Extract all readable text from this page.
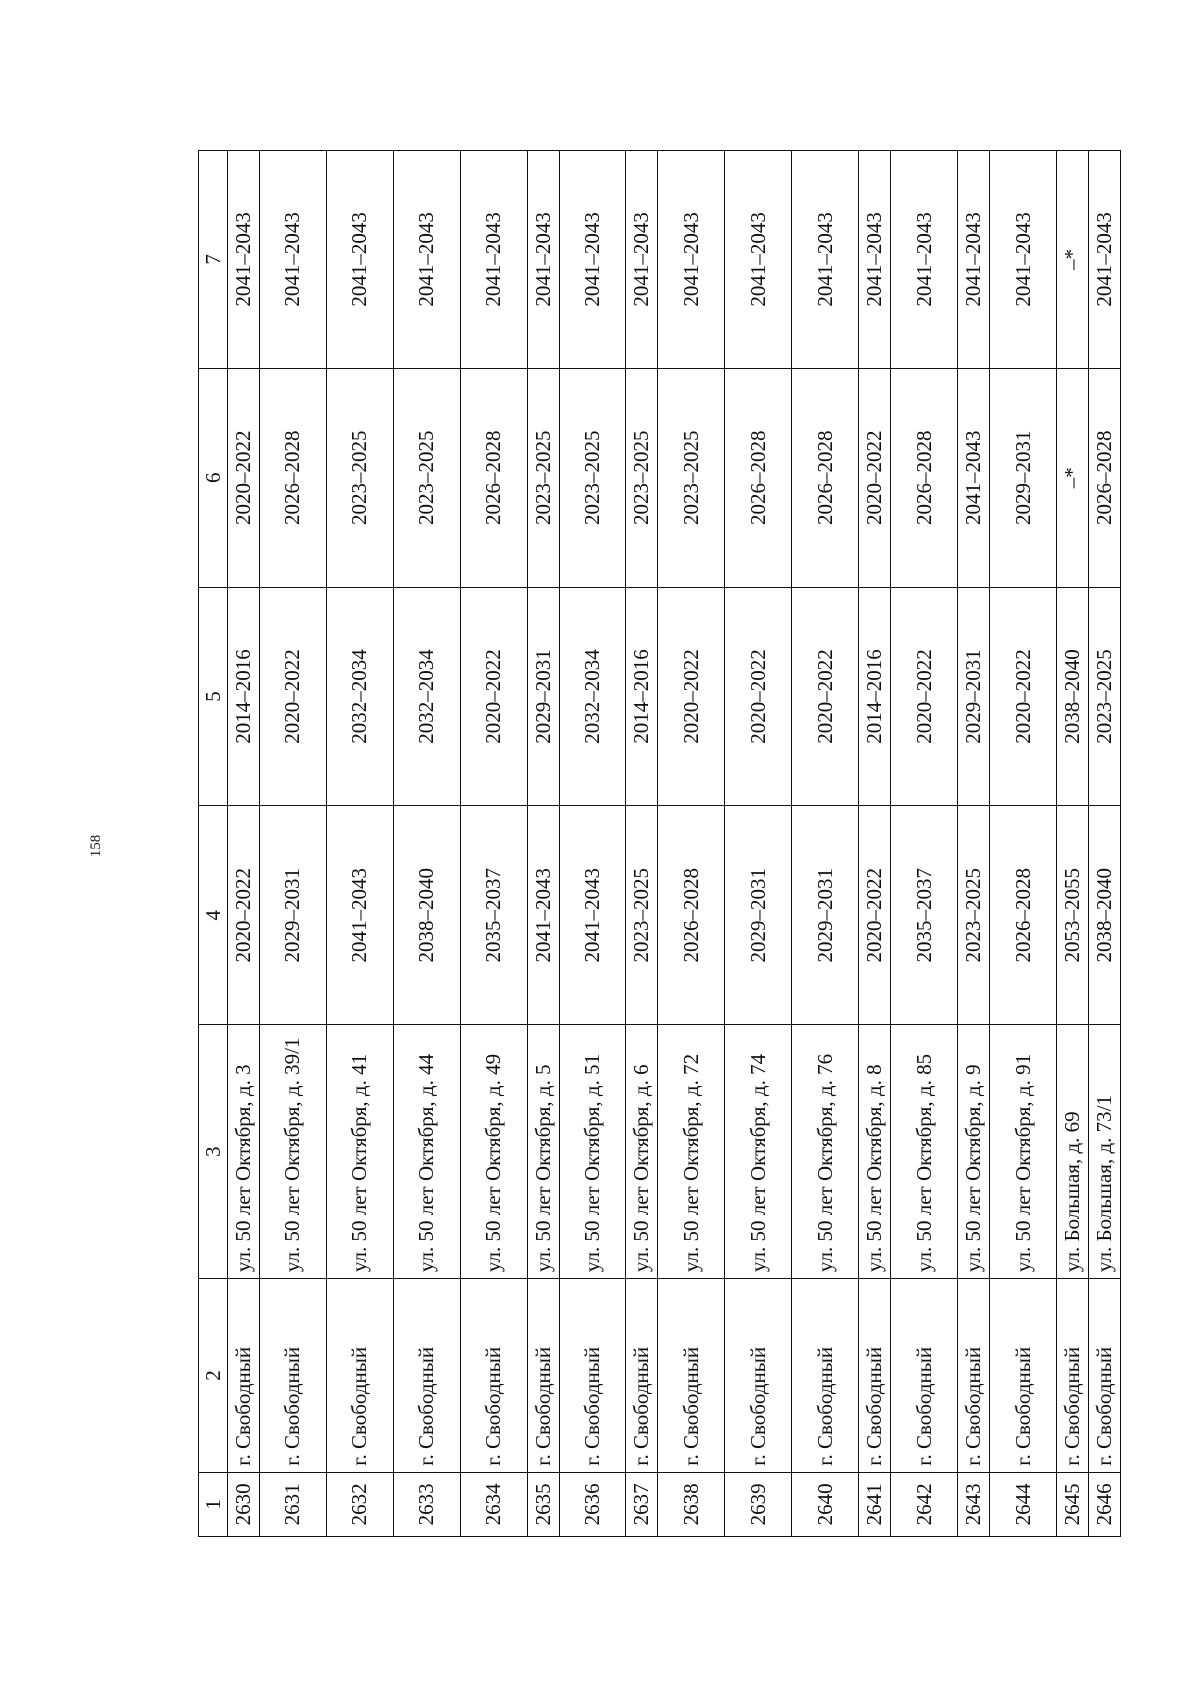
158
1	2	3	4	5	6	7
2630	г. Свободный	ул. 50 лет Октября, д. 3	2020–2022	2014–2016	2020–2022	2041–2043
2631	г. Свободный	ул. 50 лет Октября, д. 39/1	2029–2031	2020–2022	2026–2028	2041–2043
2632	г. Свободный	ул. 50 лет Октября, д. 41	2041–2043	2032–2034	2023–2025	2041–2043
2633	г. Свободный	ул. 50 лет Октября, д. 44	2038–2040	2032–2034	2023–2025	2041–2043
2634	г. Свободный	ул. 50 лет Октября, д. 49	2035–2037	2020–2022	2026–2028	2041–2043
2635	г. Свободный	ул. 50 лет Октября, д. 5	2041–2043	2029–2031	2023–2025	2041–2043
2636	г. Свободный	ул. 50 лет Октября, д. 51	2041–2043	2032–2034	2023–2025	2041–2043
2637	г. Свободный	ул. 50 лет Октября, д. 6	2023–2025	2014–2016	2023–2025	2041–2043
2638	г. Свободный	ул. 50 лет Октября, д. 72	2026–2028	2020–2022	2023–2025	2041–2043
2639	г. Свободный	ул. 50 лет Октября, д. 74	2029–2031	2020–2022	2026–2028	2041–2043
2640	г. Свободный	ул. 50 лет Октября, д. 76	2029–2031	2020–2022	2026–2028	2041–2043
2641	г. Свободный	ул. 50 лет Октября, д. 8	2020–2022	2014–2016	2020–2022	2041–2043
2642	г. Свободный	ул. 50 лет Октября, д. 85	2035–2037	2020–2022	2026–2028	2041–2043
2643	г. Свободный	ул. 50 лет Октября, д. 9	2023–2025	2029–2031	2041–2043	2041–2043
2644	г. Свободный	ул. 50 лет Октября, д. 91	2026–2028	2020–2022	2029–2031	2041–2043
2645	г. Свободный	ул. Большая, д. 69	2053–2055	2038–2040	–*	–*
2646	г. Свободный	ул. Большая, д. 73/1	2038–2040	2023–2025	2026–2028	2041–2043
